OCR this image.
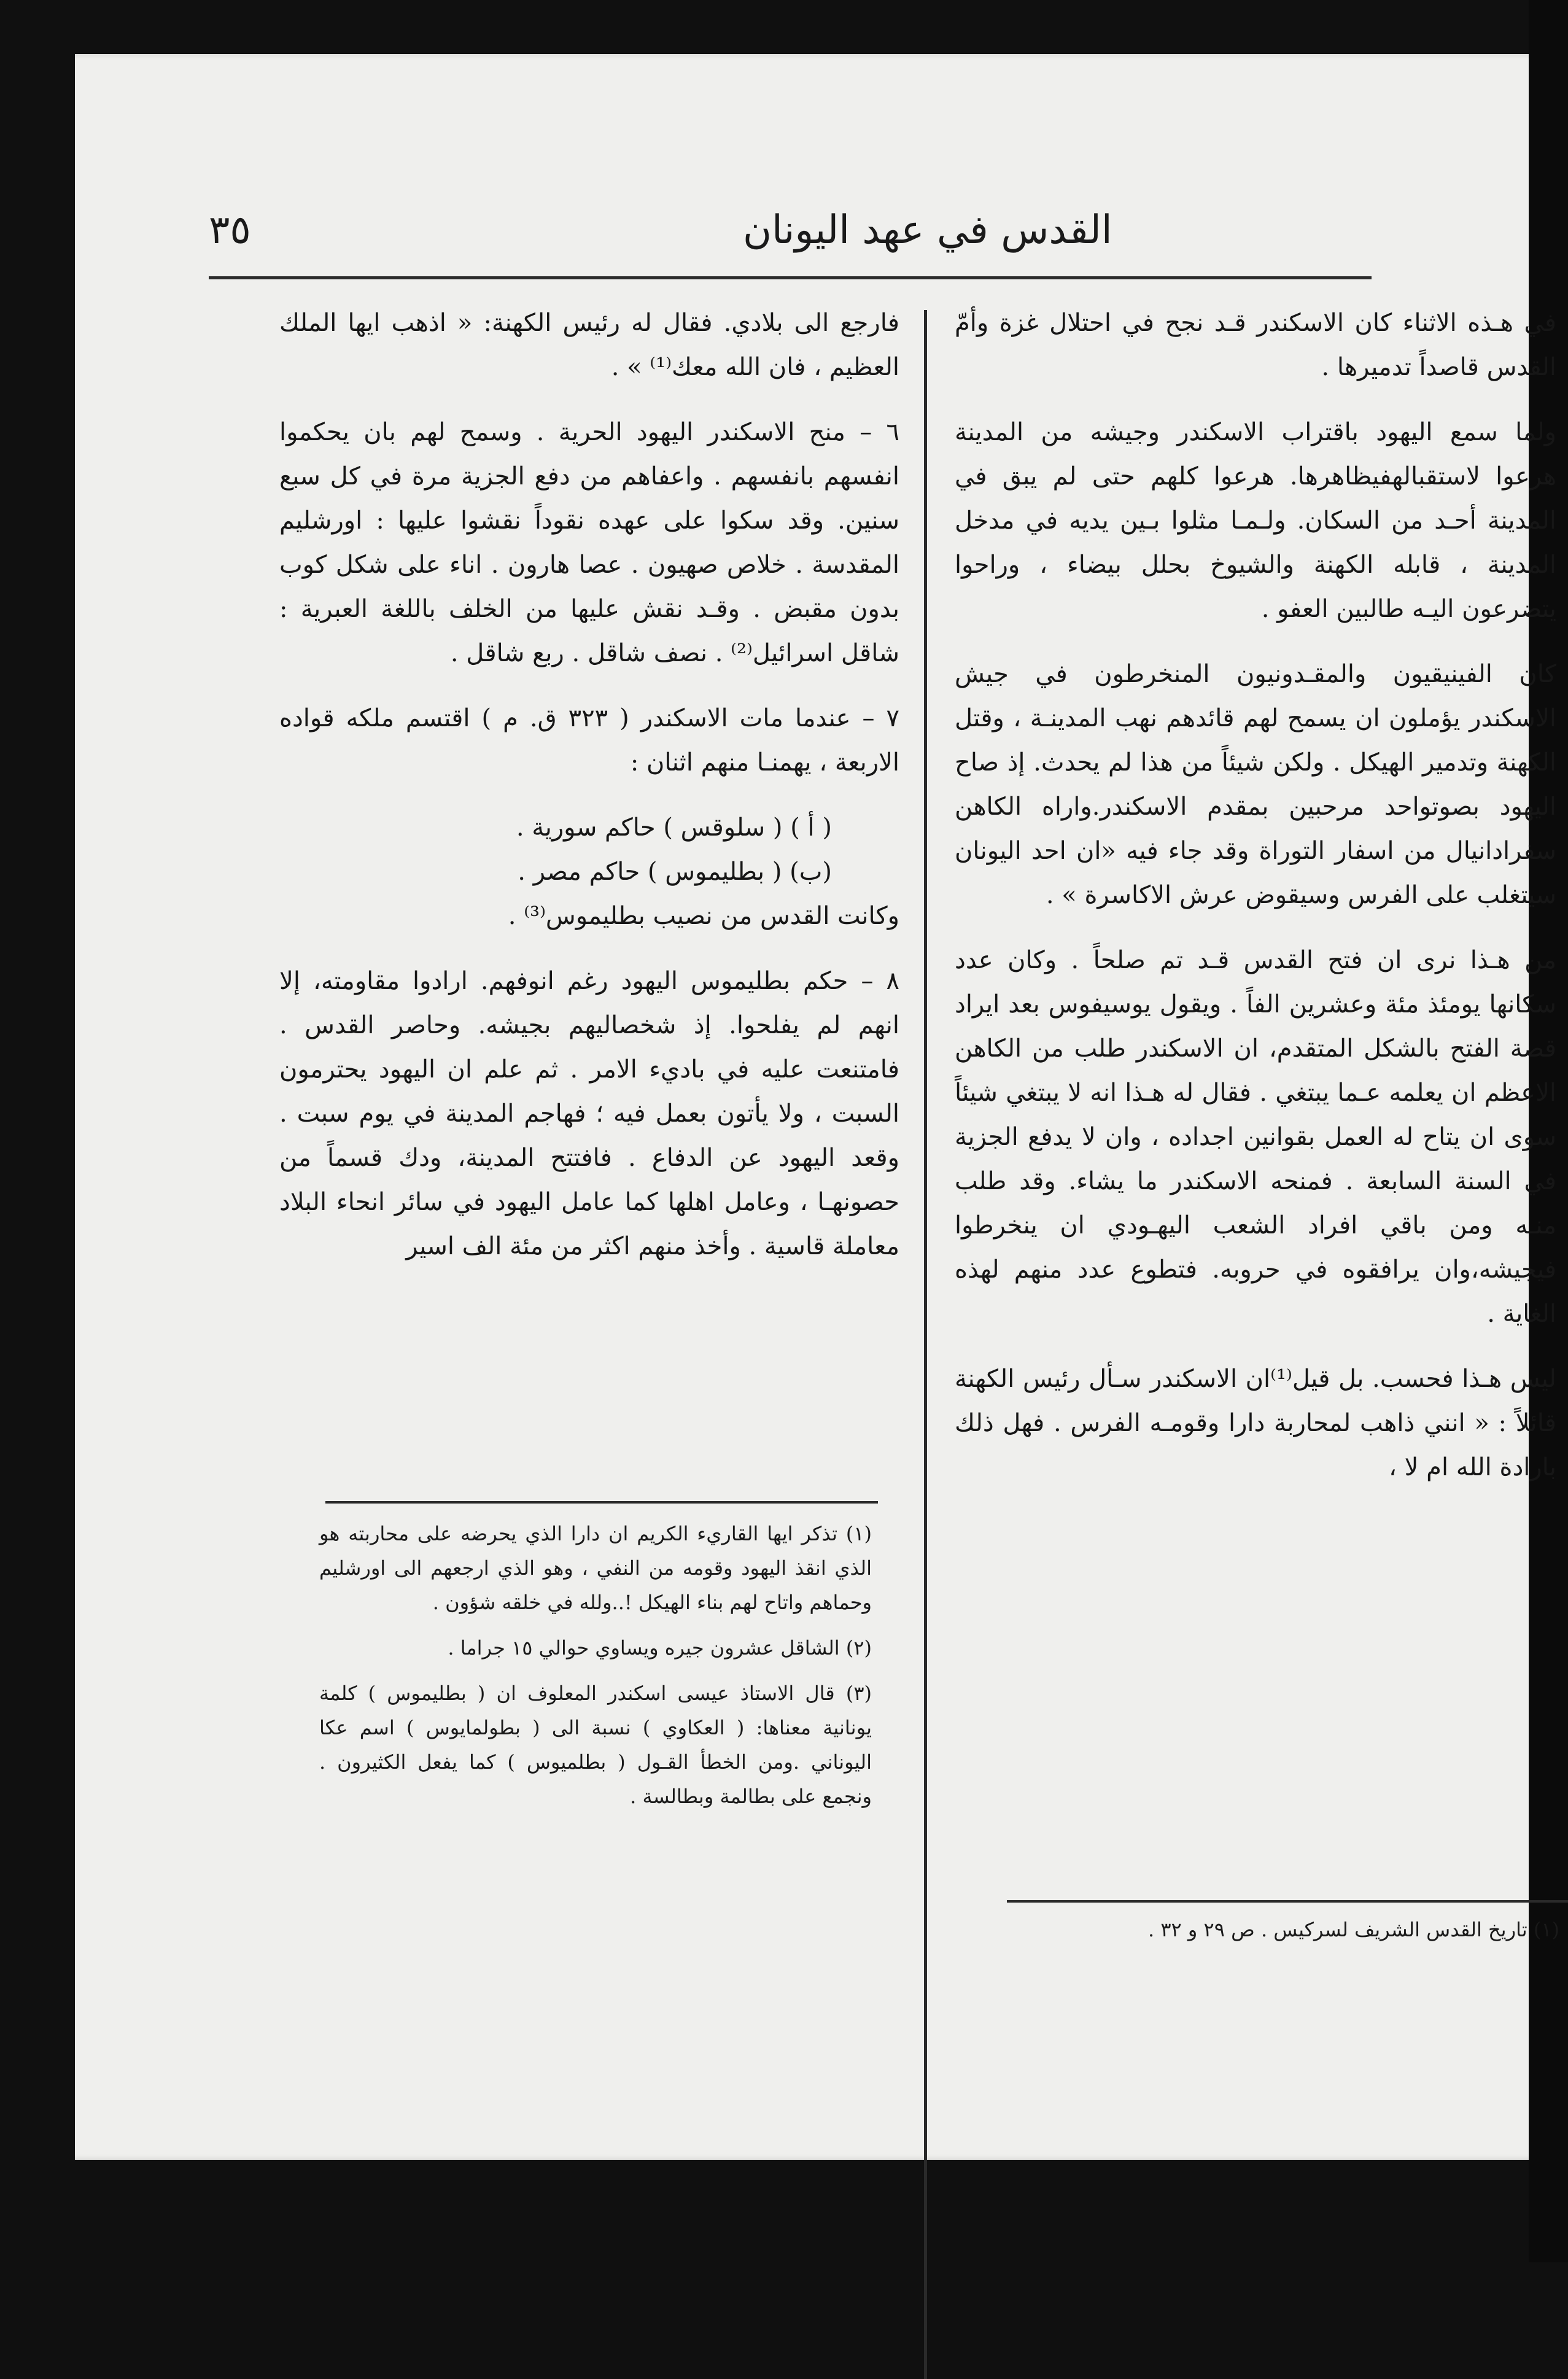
القدس في عهد اليونان
٣٥

في هـذه الاثناء كان الاسكندر قـد نجح في احتلال غزة وأمّ القدس قاصداً تدميرها .

ولما سمع اليهود باقتراب الاسكندر وجيشه من المدينة هرعوا لاستقبالهفيظاهرها. هرعوا كلهم حتى لم يبق في المدينة أحـد من السكان. ولـمـا مثلوا بـين يديه في مدخل المدينة ، قابله الكهنة والشيوخ بحلل بيضاء ، وراحوا يتضرعون اليـه طالبين العفو .

كان الفينيقيون والمقـدونيون المنخرطون في جيش الاسكندر يؤملون ان يسمح لهم قائدهم نهب المدينـة ، وقتل الكهنة وتدمير الهيكل . ولكن شيئاً من هذا لم يحدث. إذ صاح اليهود بصوتواحد مرحبين بمقدم الاسكندر.واراه الكاهن سفرادانيال من اسفار التوراة وقد جاء فيه «ان احد اليونان سيتغلب على الفرس وسيقوض عرش الاكاسرة » .

من هـذا نرى ان فتح القدس قـد تم صلحاً . وكان عدد سكانها يومئذ مئة وعشرين الفاً . ويقول يوسيفوس بعد ايراد قصة الفتح بالشكل المتقدم، ان الاسكندر طلب من الكاهن الاعظم ان يعلمه عـما يبتغي . فقال له هـذا انه لا يبتغي شيئاً سوى ان يتاح له العمل بقوانين اجداده ، وان لا يدفع الجزية في السنة السابعة . فمنحه الاسكندر ما يشاء. وقد طلب منـه ومن باقي افراد الشعب اليهـودي ان ينخرطوا فيجيشه،وان يرافقوه في حروبه. فتطوع عدد منهم لهذه الغاية .

ليس هـذا فحسب. بل قيل⁽¹⁾ان الاسكندر سـأل رئيس الكهنة قائلاً : « انني ذاهب لمحاربة دارا وقومـه الفرس . فهل ذلك بارادة الله ام لا ،

فارجع الى بلادي. فقال له رئيس الكهنة: « اذهب ايها الملك العظيم ، فان الله معك⁽¹⁾ » .

٦ – منح الاسكندر اليهود الحرية . وسمح لهم بان يحكموا انفسهم بانفسهم . واعفاهم من دفع الجزية مرة في كل سبع سنين. وقد سكوا على عهده نقوداً نقشوا عليها : اورشليم المقدسة . خلاص صهيون . عصا هارون . اناء على شكل كوب بدون مقبض . وقـد نقش عليها من الخلف باللغة العبرية : شاقل اسرائيل⁽²⁾ . نصف شاقل . ربع شاقل .

٧ – عندما مات الاسكندر ( ٣٢٣ ق. م ) اقتسم ملكه قواده الاربعة ، يهمنـا منهم اثنان :

( أ ) ( سلوقس ) حاكم سورية .

(ب) ( بطليموس ) حاكم مصر .

وكانت القدس من نصيب بطليموس⁽³⁾ .

٨ – حكم بطليموس اليهود رغم انوفهم. ارادوا مقاومته، إلا انهم لم يفلحوا. إذ شخصاليهم بجيشه. وحاصر القدس . فامتنعت عليه في باديء الامر . ثم علم ان اليهود يحترمون السبت ، ولا يأتون بعمل فيه ؛ فهاجم المدينة في يوم سبت . وقعد اليهود عن الدفاع . فافتتح المدينة، ودك قسماً من حصونهـا ، وعامل اهلها كما عامل اليهود في سائر انحاء البلاد معاملة قاسية . وأخذ منهم اكثر من مئة الف اسير

(١) تذكر ايها القاريء الكريم ان دارا الذي يحرضه على محاربته هو الذي انقذ اليهود وقومه من النفي ، وهو الذي ارجعهم الى اورشليم وحماهم واتاح لهم بناء الهيكل !..ولله في خلقه شؤون .
(٢) الشاقل عشرون جيره ويساوي حوالي ١٥ جراما .
(٣) قال الاستاذ عيسى اسكندر المعلوف ان ( بطليموس ) كلمة يونانية معناها: ( العكاوي ) نسبة الى ( بطولمايوس ) اسم عكا اليوناني .ومن الخطأ القـول ( بطلميوس ) كما يفعل الكثيرون . ونجمع على بطالمة وبطالسة .
(١) تاريخ القدس الشريف لسركيس . ص ٢٩ و ٣٢ .
